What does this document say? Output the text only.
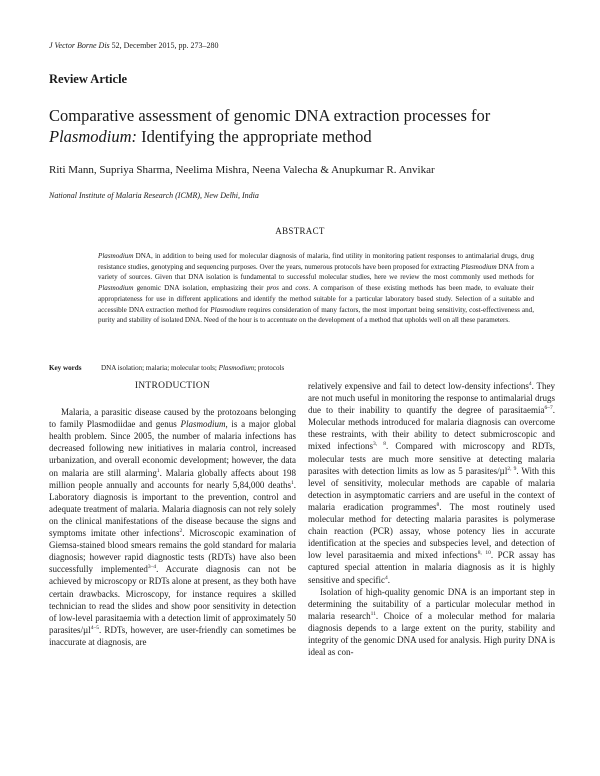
J Vector Borne Dis 52, December 2015, pp. 273–280
Review Article
Comparative assessment of genomic DNA extraction processes for
Plasmodium: Identifying the appropriate method
Riti Mann, Supriya Sharma, Neelima Mishra, Neena Valecha & Anupkumar R. Anvikar
National Institute of Malaria Research (ICMR), New Delhi, India
ABSTRACT
Plasmodium DNA, in addition to being used for molecular diagnosis of malaria, find utility in monitoring patient responses to antimalarial drugs, drug resistance studies, genotyping and sequencing purposes. Over the years, numerous protocols have been proposed for extracting Plasmodium DNA from a variety of sources. Given that DNA isolation is fundamental to successful molecular studies, here we review the most commonly used methods for Plasmodium genomic DNA isolation, emphasizing their pros and cons. A comparison of these existing methods has been made, to evaluate their appropriateness for use in different applications and identify the method suitable for a particular laboratory based study. Selection of a suitable and accessible DNA extraction method for Plasmodium requires consideration of many factors, the most important being sensitivity, cost-effectiveness and, purity and stability of isolated DNA. Need of the hour is to accentuate on the development of a method that upholds well on all these parameters.
Key words	DNA isolation; malaria; molecular tools; Plasmodium; protocols
INTRODUCTION

Malaria, a parasitic disease caused by the protozoans belonging to family Plasmodiidae and genus Plasmodium, is a major global health problem. Since 2005, the number of malaria infections has decreased following new initiatives in malaria control, increased urbanization, and overall economic development; however, the data on malaria are still alarming$^1$. Malaria globally affects about 198 million people annually and accounts for nearly 5,84,000 deaths$^1$. Laboratory diagnosis is important to the prevention, control and adequate treatment of malaria. Malaria diagnosis can not rely solely on the clinical manifestations of the disease because the signs and symptoms imitate other infections$^2$. Microscopic examination of Giemsa-stained blood smears remains the gold standard for malaria diagnosis; however rapid diagnostic tests (RDTs) have also been successfully implemented$^{3-4}$. Accurate diagnosis can not be achieved by microscopy or RDTs alone at present, as they both have certain drawbacks. Microscopy, for instance requires a skilled technician to read the slides and show poor sensitivity in detection of low-level parasitaemia with a detection limit of approximately 50 parasites/µl$^{4-5}$. RDTs, however, are user-friendly can sometimes be inaccurate at diagnosis, are

relatively expensive and fail to detect low-density infections$^4$. They are not much useful in monitoring the response to antimalarial drugs due to their inability to quantify the degree of parasitaemia$^{6-7}$. Molecular methods introduced for malaria diagnosis can overcome these restraints, with their ability to detect submicroscopic and mixed infections$^{3, 8}$. Compared with microscopy and RDTs, molecular tests are much more sensitive at detecting malaria parasites with detection limits as low as 5 parasites/µl$^{2, 9}$. With this level of sensitivity, molecular methods are capable of malaria detection in asymptomatic carriers and are useful in the context of malaria eradication programmes$^8$. The most routinely used molecular method for detecting malaria parasites is polymerase chain reaction (PCR) assay, whose potency lies in accurate identification at the species and subspecies level, and detection of low level parasitaemia and mixed infections$^{8, 10}$. PCR assay has captured special attention in malaria diagnosis as it is highly sensitive and specific$^4$.

Isolation of high-quality genomic DNA is an important step in determining the suitability of a particular molecular method in malaria research$^{11}$. Choice of a molecular method for malaria diagnosis depends to a large extent on the purity, stability and integrity of the genomic DNA used for analysis. High purity DNA is ideal as con-
